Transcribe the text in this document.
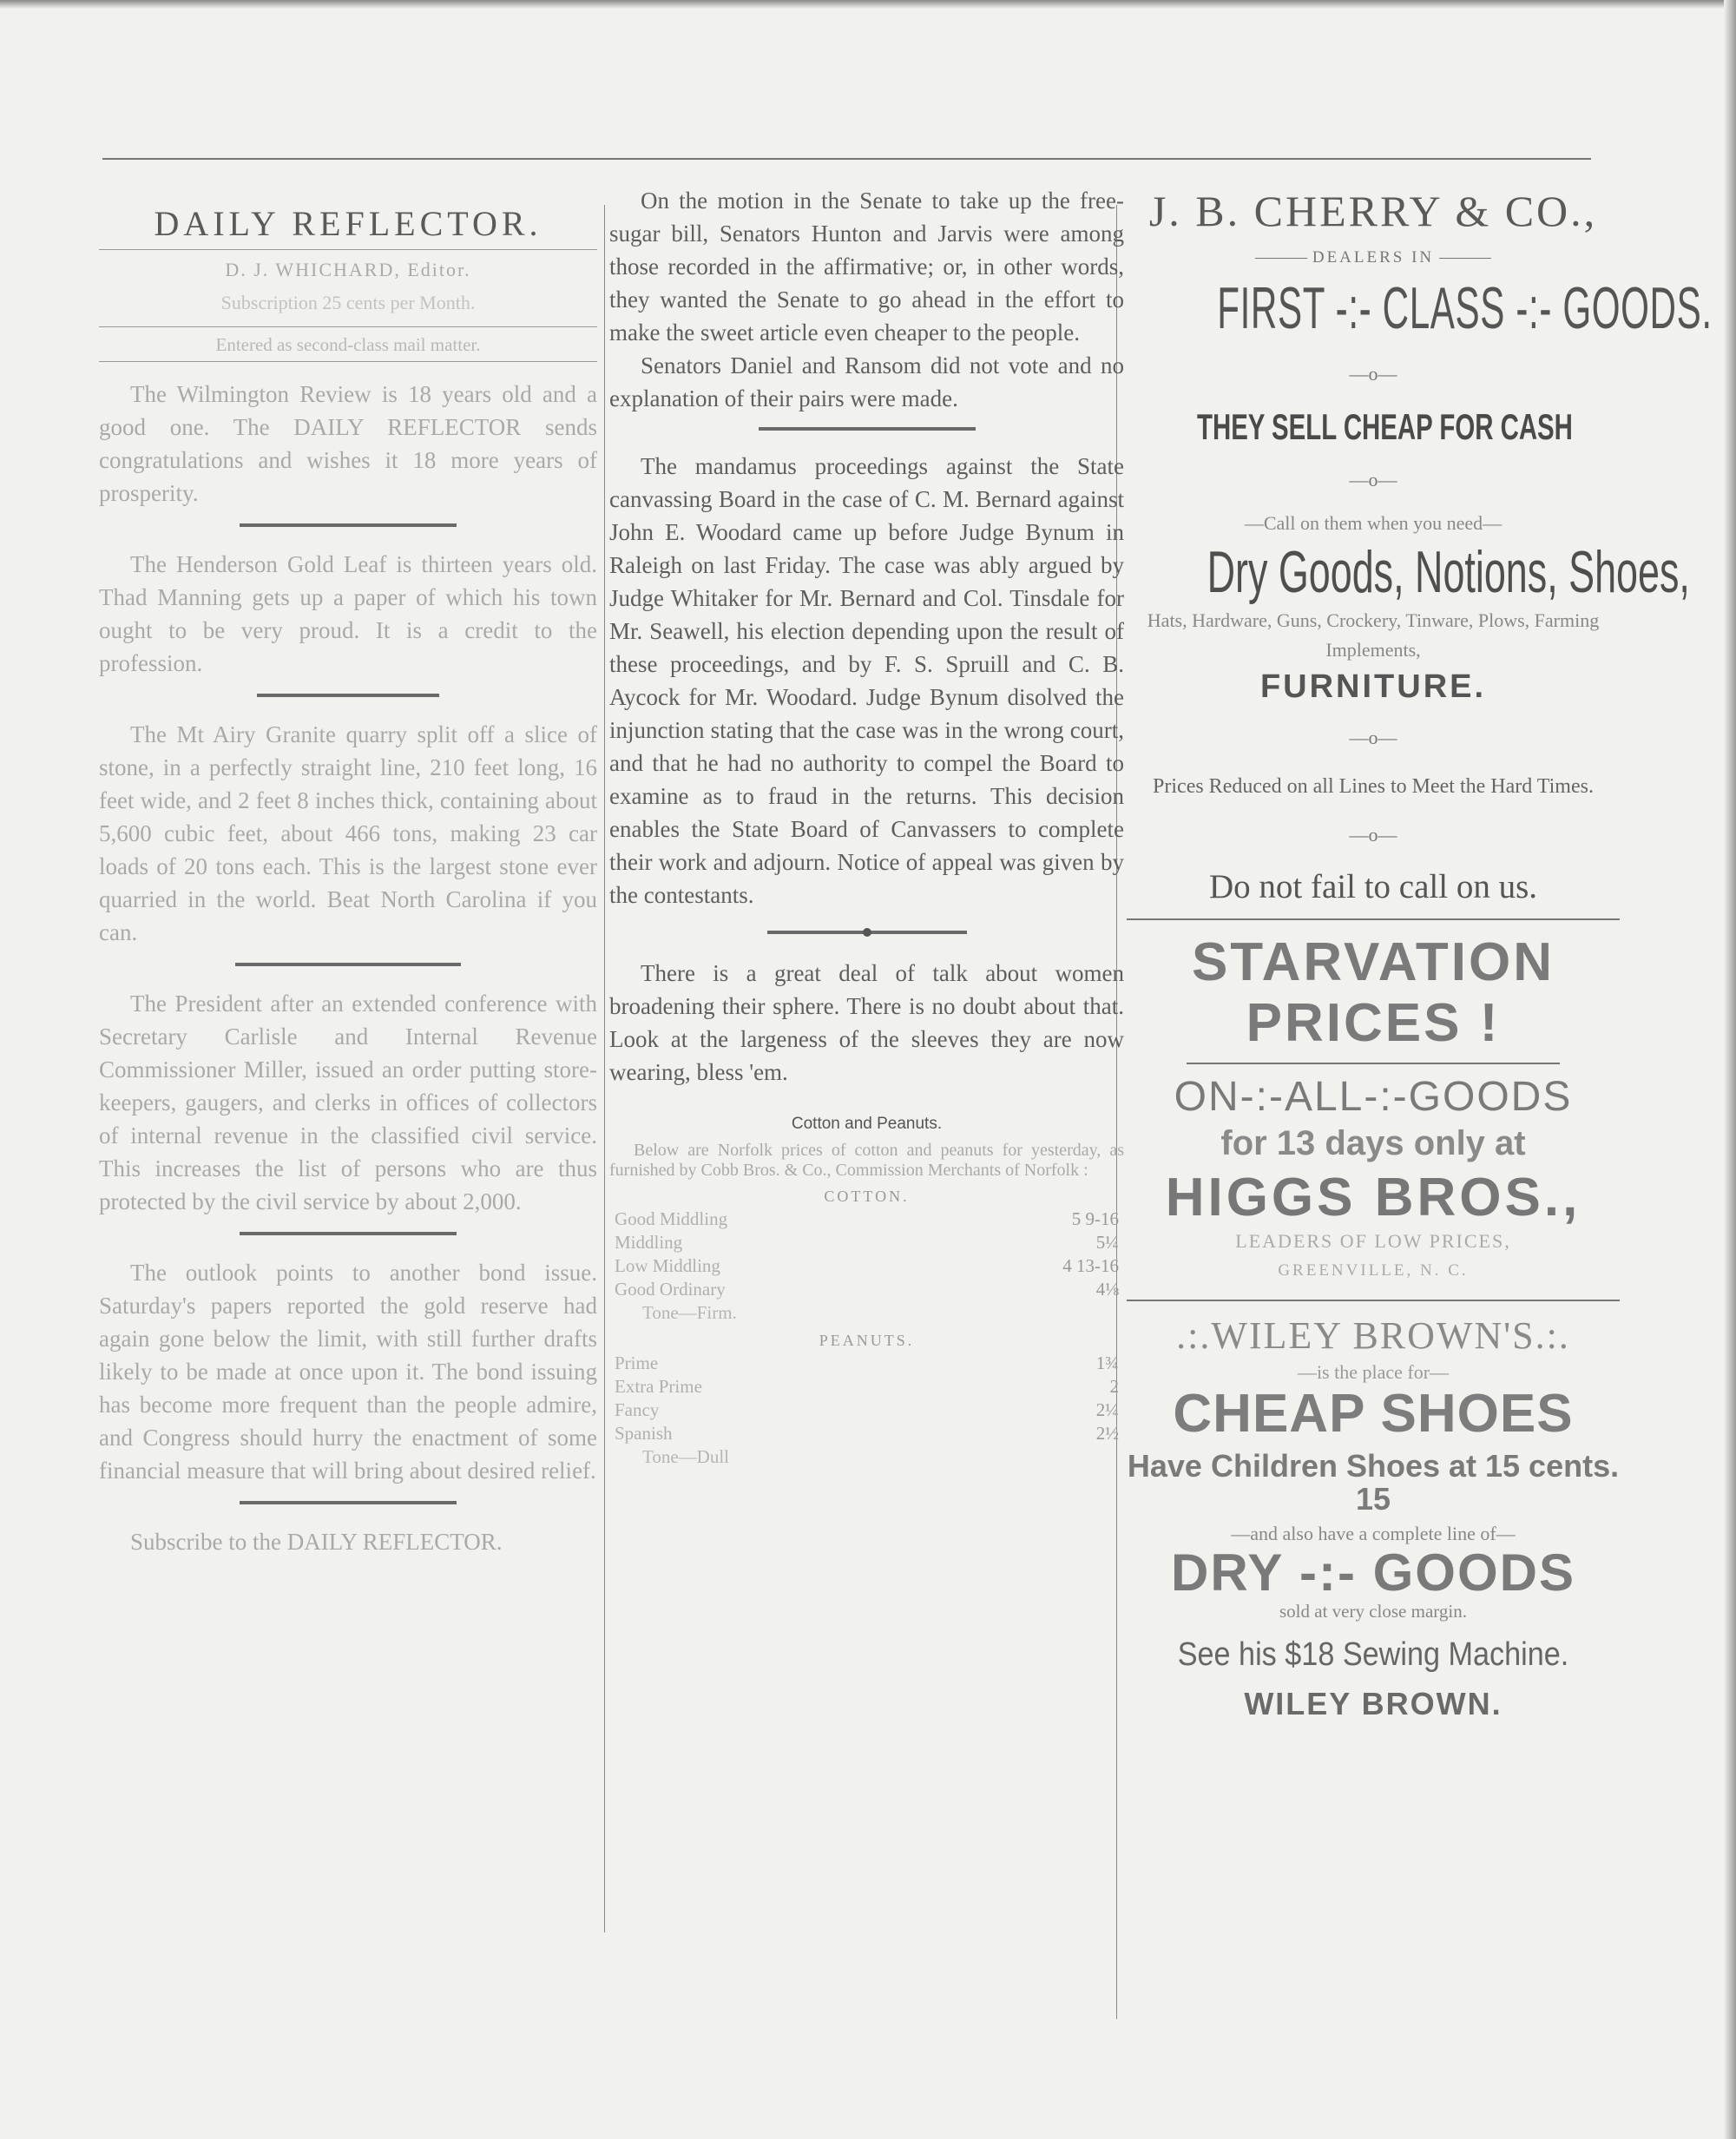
DAILY REFLECTOR.
D. J. WHICHARD, Editor.
Subscription 25 cents per Month.
Entered as second-class mail matter.

The Wilmington Review is 18 years old and a good one. The DAILY REFLECTOR sends congratulations and wishes it 18 more years of prosperity.

The Henderson Gold Leaf is thirteen years old. Thad Manning gets up a paper of which his town ought to be very proud. It is a credit to the profession.

The Mt Airy Granite quarry split off a slice of stone, in a perfectly straight line, 210 feet long, 16 feet wide, and 2 feet 8 inches thick, containing about 5,600 cubic feet, about 466 tons, making 23 car loads of 20 tons each. This is the largest stone ever quarried in the world. Beat North Carolina if you can.

The President after an extended conference with Secretary Carlisle and Internal Revenue Commissioner Miller, issued an order putting store-keepers, gaugers, and clerks in offices of collectors of internal revenue in the classified civil service. This increases the list of persons who are thus protected by the civil service by about 2,000.

The outlook points to another bond issue. Saturday's papers reported the gold reserve had again gone below the limit, with still further drafts likely to be made at once upon it. The bond issuing has become more frequent than the people admire, and Congress should hurry the enactment of some financial measure that will bring about desired relief.

Subscribe to the DAILY REFLECTOR.

On the motion in the Senate to take up the free-sugar bill, Senators Hunton and Jarvis were among those recorded in the affirmative; or, in other words, they wanted the Senate to go ahead in the effort to make the sweet article even cheaper to the people.

Senators Daniel and Ransom did not vote and no explanation of their pairs were made.

The mandamus proceedings against the State canvassing Board in the case of C. M. Bernard against John E. Woodard came up before Judge Bynum in Raleigh on last Friday. The case was ably argued by Judge Whitaker for Mr. Bernard and Col. Tinsdale for Mr. Seawell, his election depending upon the result of these proceedings, and by F. S. Spruill and C. B. Aycock for Mr. Woodard. Judge Bynum disolved the injunction stating that the case was in the wrong court, and that he had no authority to compel the Board to examine as to fraud in the returns. This decision enables the State Board of Canvassers to complete their work and adjourn. Notice of appeal was given by the contestants.

There is a great deal of talk about women broadening their sphere. There is no doubt about that. Look at the largeness of the sleeves they are now wearing, bless 'em.

Cotton and Peanuts.

Below are Norfolk prices of cotton and peanuts for yesterday, as furnished by Cobb Bros. & Co., Commission Merchants of Norfolk :

COTTON.
Good Middling	5 9-16
Middling	5¼
Low Middling	4 13-16
Good Ordinary	4⅛
Tone—Firm.
PEANUTS.
Prime	1¾
Extra Prime	2
Fancy	2¼
Spanish	2½
Tone—Dull
J. B. CHERRY & CO.,
DEALERS IN
FIRST -:- CLASS -:- GOODS.
—o—
THEY SELL CHEAP FOR CASH
—o—
—Call on them when you need—
Dry Goods, Notions, Shoes,
Hats, Hardware, Guns, Crockery, Tinware, Plows, Farming Implements,
FURNITURE.
—o—
Prices Reduced on all Lines to Meet the Hard Times.
—o—
Do not fail to call on us.
STARVATION
PRICES !
ON-:-ALL-:-GOODS
for 13 days only at
HIGGS BROS.,
LEADERS OF LOW PRICES,
GREENVILLE, N. C.
.:.WILEY BROWN'S.:.
—is the place for—
CHEAP SHOES
Have Children Shoes at 15 cents. 15
—and also have a complete line of—
DRY -:- GOODS
sold at very close margin.
See his $18 Sewing Machine.
WILEY BROWN.
